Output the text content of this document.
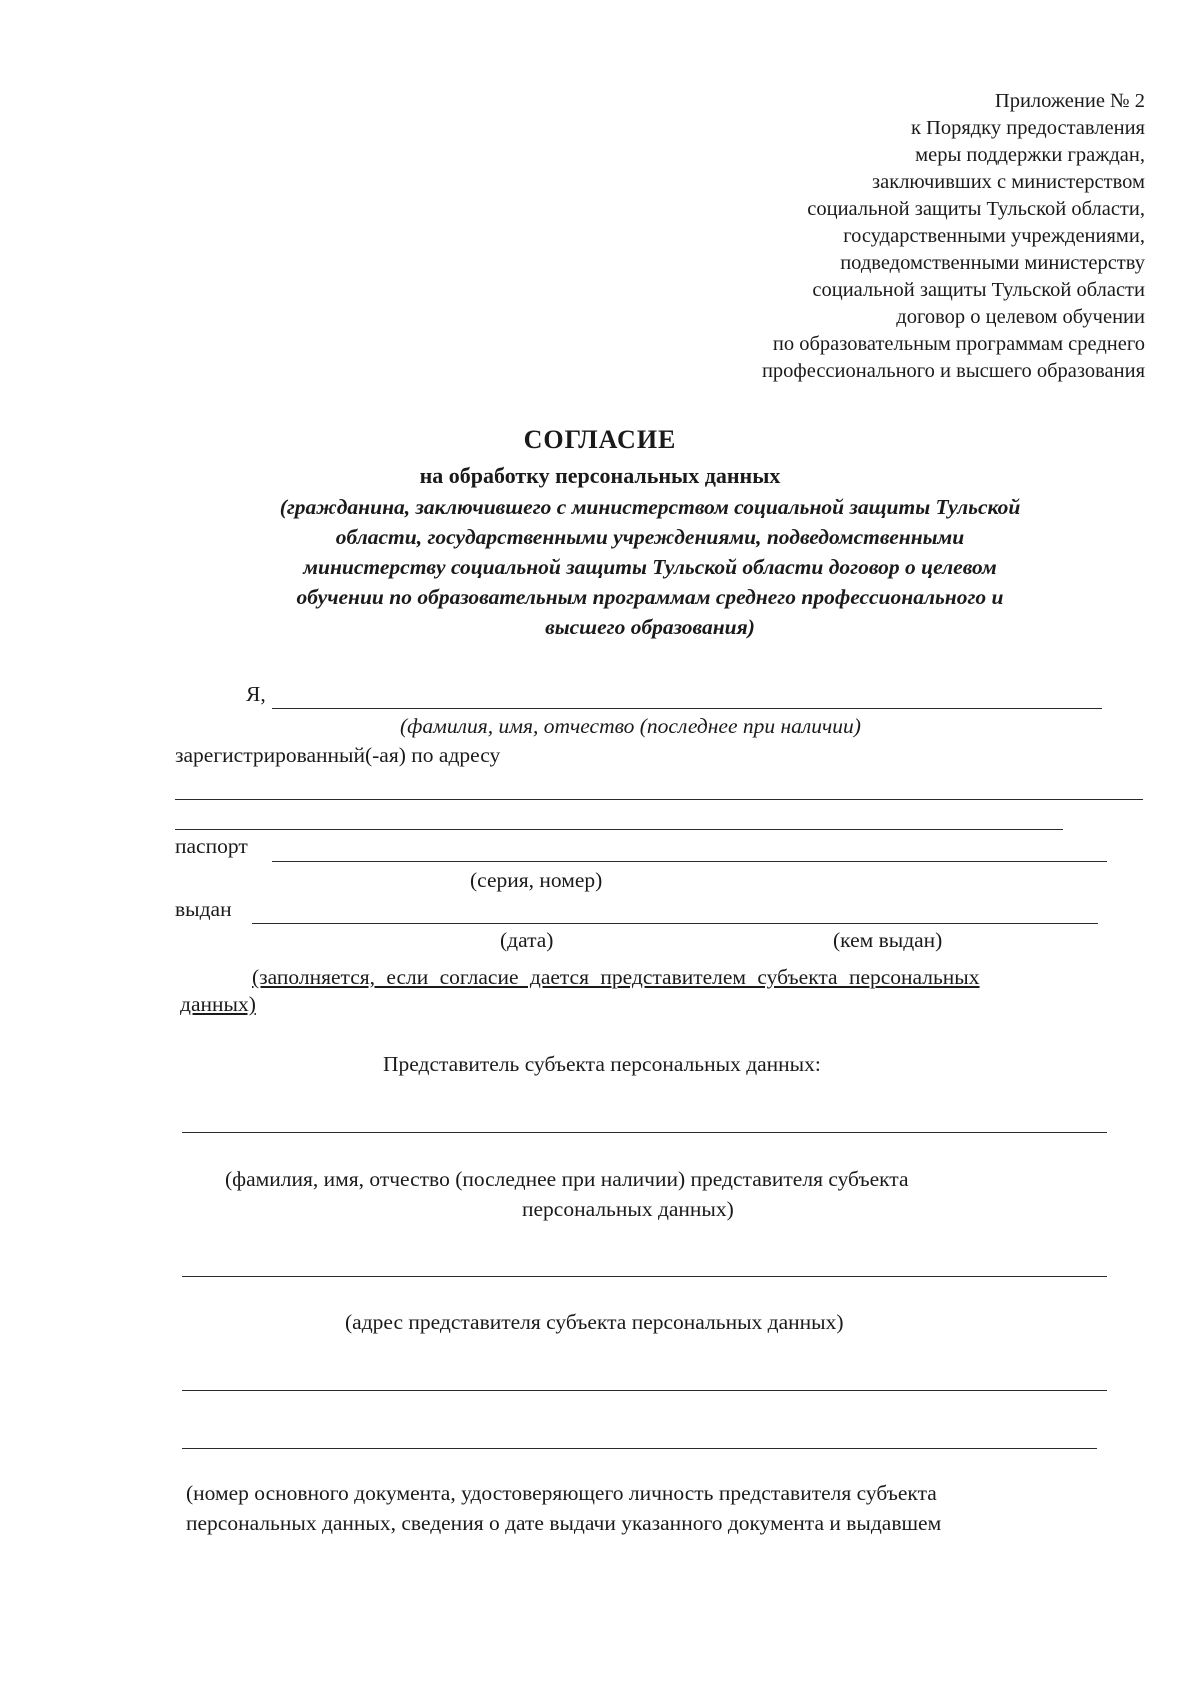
Приложение № 2
к Порядку предоставления
меры поддержки граждан,
заключивших с министерством
социальной защиты Тульской области,
государственными учреждениями,
подведомственными министерству
социальной защиты Тульской области
договор о целевом обучении
по образовательным программам среднего
профессионального и высшего образования
СОГЛАСИЕ
на обработку персональных данных
(гражданина, заключившего с министерством социальной защиты Тульской
области, государственными учреждениями, подведомственными
министерству социальной защиты Тульской области договор о целевом
обучении по образовательным программам среднего профессионального и
высшего образования)
Я,
(фамилия, имя, отчество (последнее при наличии)
зарегистрированный(-ая) по адресу
паспорт
(серия, номер)
выдан
(дата)	(кем выдан)
(заполняется, если согласие дается представителем субъекта персональных
данных)
Представитель субъекта персональных данных:
(фамилия, имя, отчество (последнее при наличии) представителя субъекта
персональных данных)
(адрес представителя субъекта персональных данных)
(номер основного документа, удостоверяющего личность представителя субъекта
персональных данных, сведения о дате выдачи указанного документа и выдавшем
